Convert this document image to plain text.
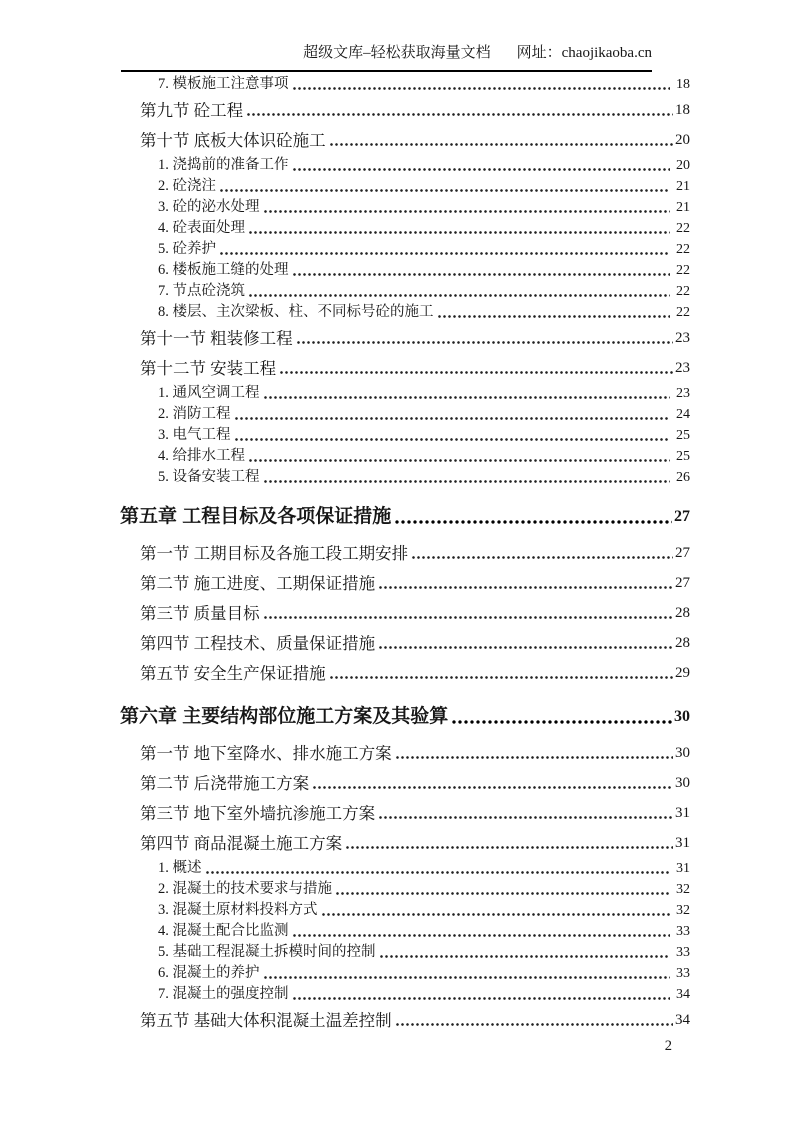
超级文库–轻松获取海量文档 网址：chaojikaoba.cn
7. 模板施工注意事项	18
第九节 砼工程	18
第十节 底板大体识砼施工	20
1. 浇捣前的准备工作	20
2. 砼浇注	21
3. 砼的泌水处理	21
4. 砼表面处理	22
5. 砼养护	22
6. 楼板施工缝的处理	22
7. 节点砼浇筑	22
8. 楼层、主次梁板、柱、不同标号砼的施工	22
第十一节 粗装修工程	23
第十二节 安装工程	23
1. 通风空调工程	23
2. 消防工程	24
3. 电气工程	25
4. 给排水工程	25
5. 设备安装工程	26
第五章 工程目标及各项保证措施	27
第一节 工期目标及各施工段工期安排	27
第二节 施工进度、工期保证措施	27
第三节 质量目标	28
第四节 工程技术、质量保证措施	28
第五节 安全生产保证措施	29
第六章 主要结构部位施工方案及其验算	30
第一节 地下室降水、排水施工方案	30
第二节 后浇带施工方案	30
第三节 地下室外墙抗渗施工方案	31
第四节 商品混凝土施工方案	31
1. 概述	31
2. 混凝土的技术要求与措施	32
3. 混凝土原材料投料方式	32
4. 混凝土配合比监测	33
5. 基础工程混凝土拆模时间的控制	33
6. 混凝土的养护	33
7. 混凝土的强度控制	34
第五节 基础大体积混凝土温差控制	34
2
